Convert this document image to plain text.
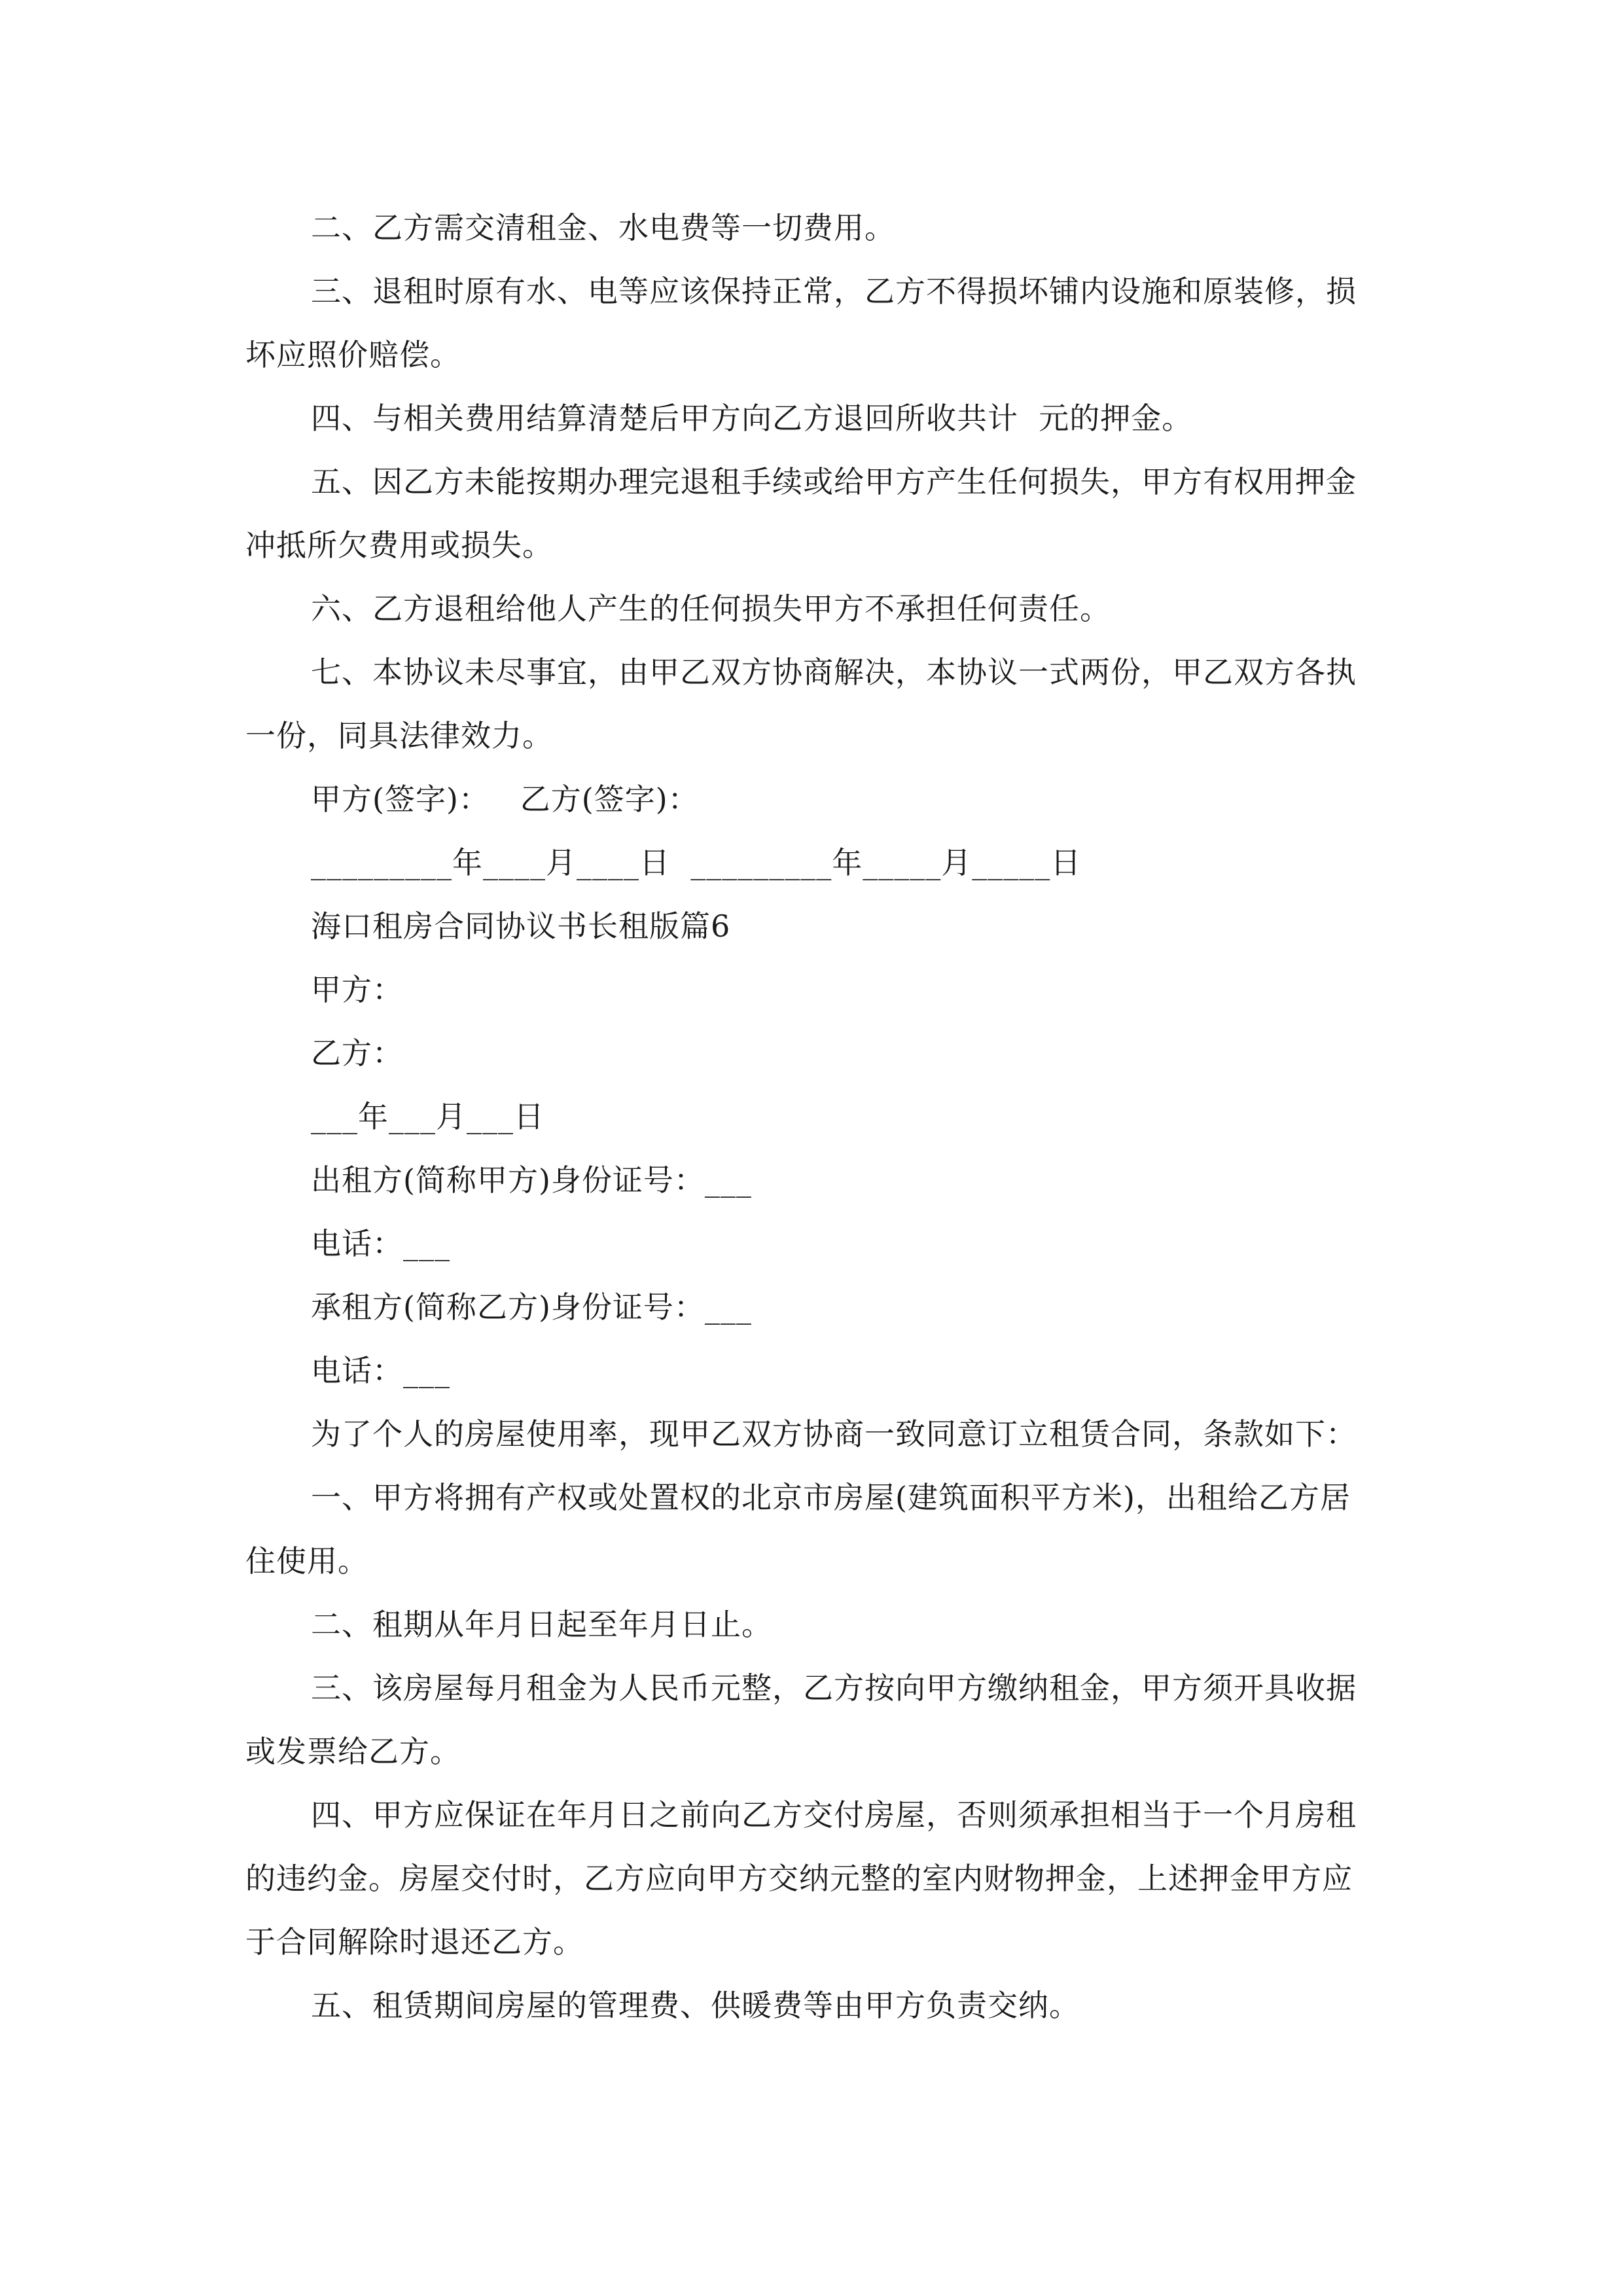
二、乙方需交清租金、水电费等一切费用。

三、退租时原有水、电等应该保持正常，乙方不得损坏铺内设施和原装修，损坏应照价赔偿。

四、与相关费用结算清楚后甲方向乙方退回所收共计  元的押金。

五、因乙方未能按期办理完退租手续或给甲方产生任何损失，甲方有权用押金冲抵所欠费用或损失。

六、乙方退租给他人产生的任何损失甲方不承担任何责任。

七、本协议未尽事宜，由甲乙双方协商解决，本协议一式两份，甲乙双方各执一份，同具法律效力。

甲方(签字)：   乙方(签字)：

_________年____月____日  _________年_____月_____日

海口租房合同协议书长租版篇6

甲方：

乙方：

___年___月___日

出租方(简称甲方)身份证号：___

电话：___

承租方(简称乙方)身份证号：___

电话：___

为了个人的房屋使用率，现甲乙双方协商一致同意订立租赁合同，条款如下：

一、甲方将拥有产权或处置权的北京市房屋(建筑面积平方米)，出租给乙方居住使用。

二、租期从年月日起至年月日止。

三、该房屋每月租金为人民币元整，乙方按向甲方缴纳租金，甲方须开具收据或发票给乙方。

四、甲方应保证在年月日之前向乙方交付房屋，否则须承担相当于一个月房租的违约金。房屋交付时，乙方应向甲方交纳元整的室内财物押金，上述押金甲方应于合同解除时退还乙方。

五、租赁期间房屋的管理费、供暖费等由甲方负责交纳。
